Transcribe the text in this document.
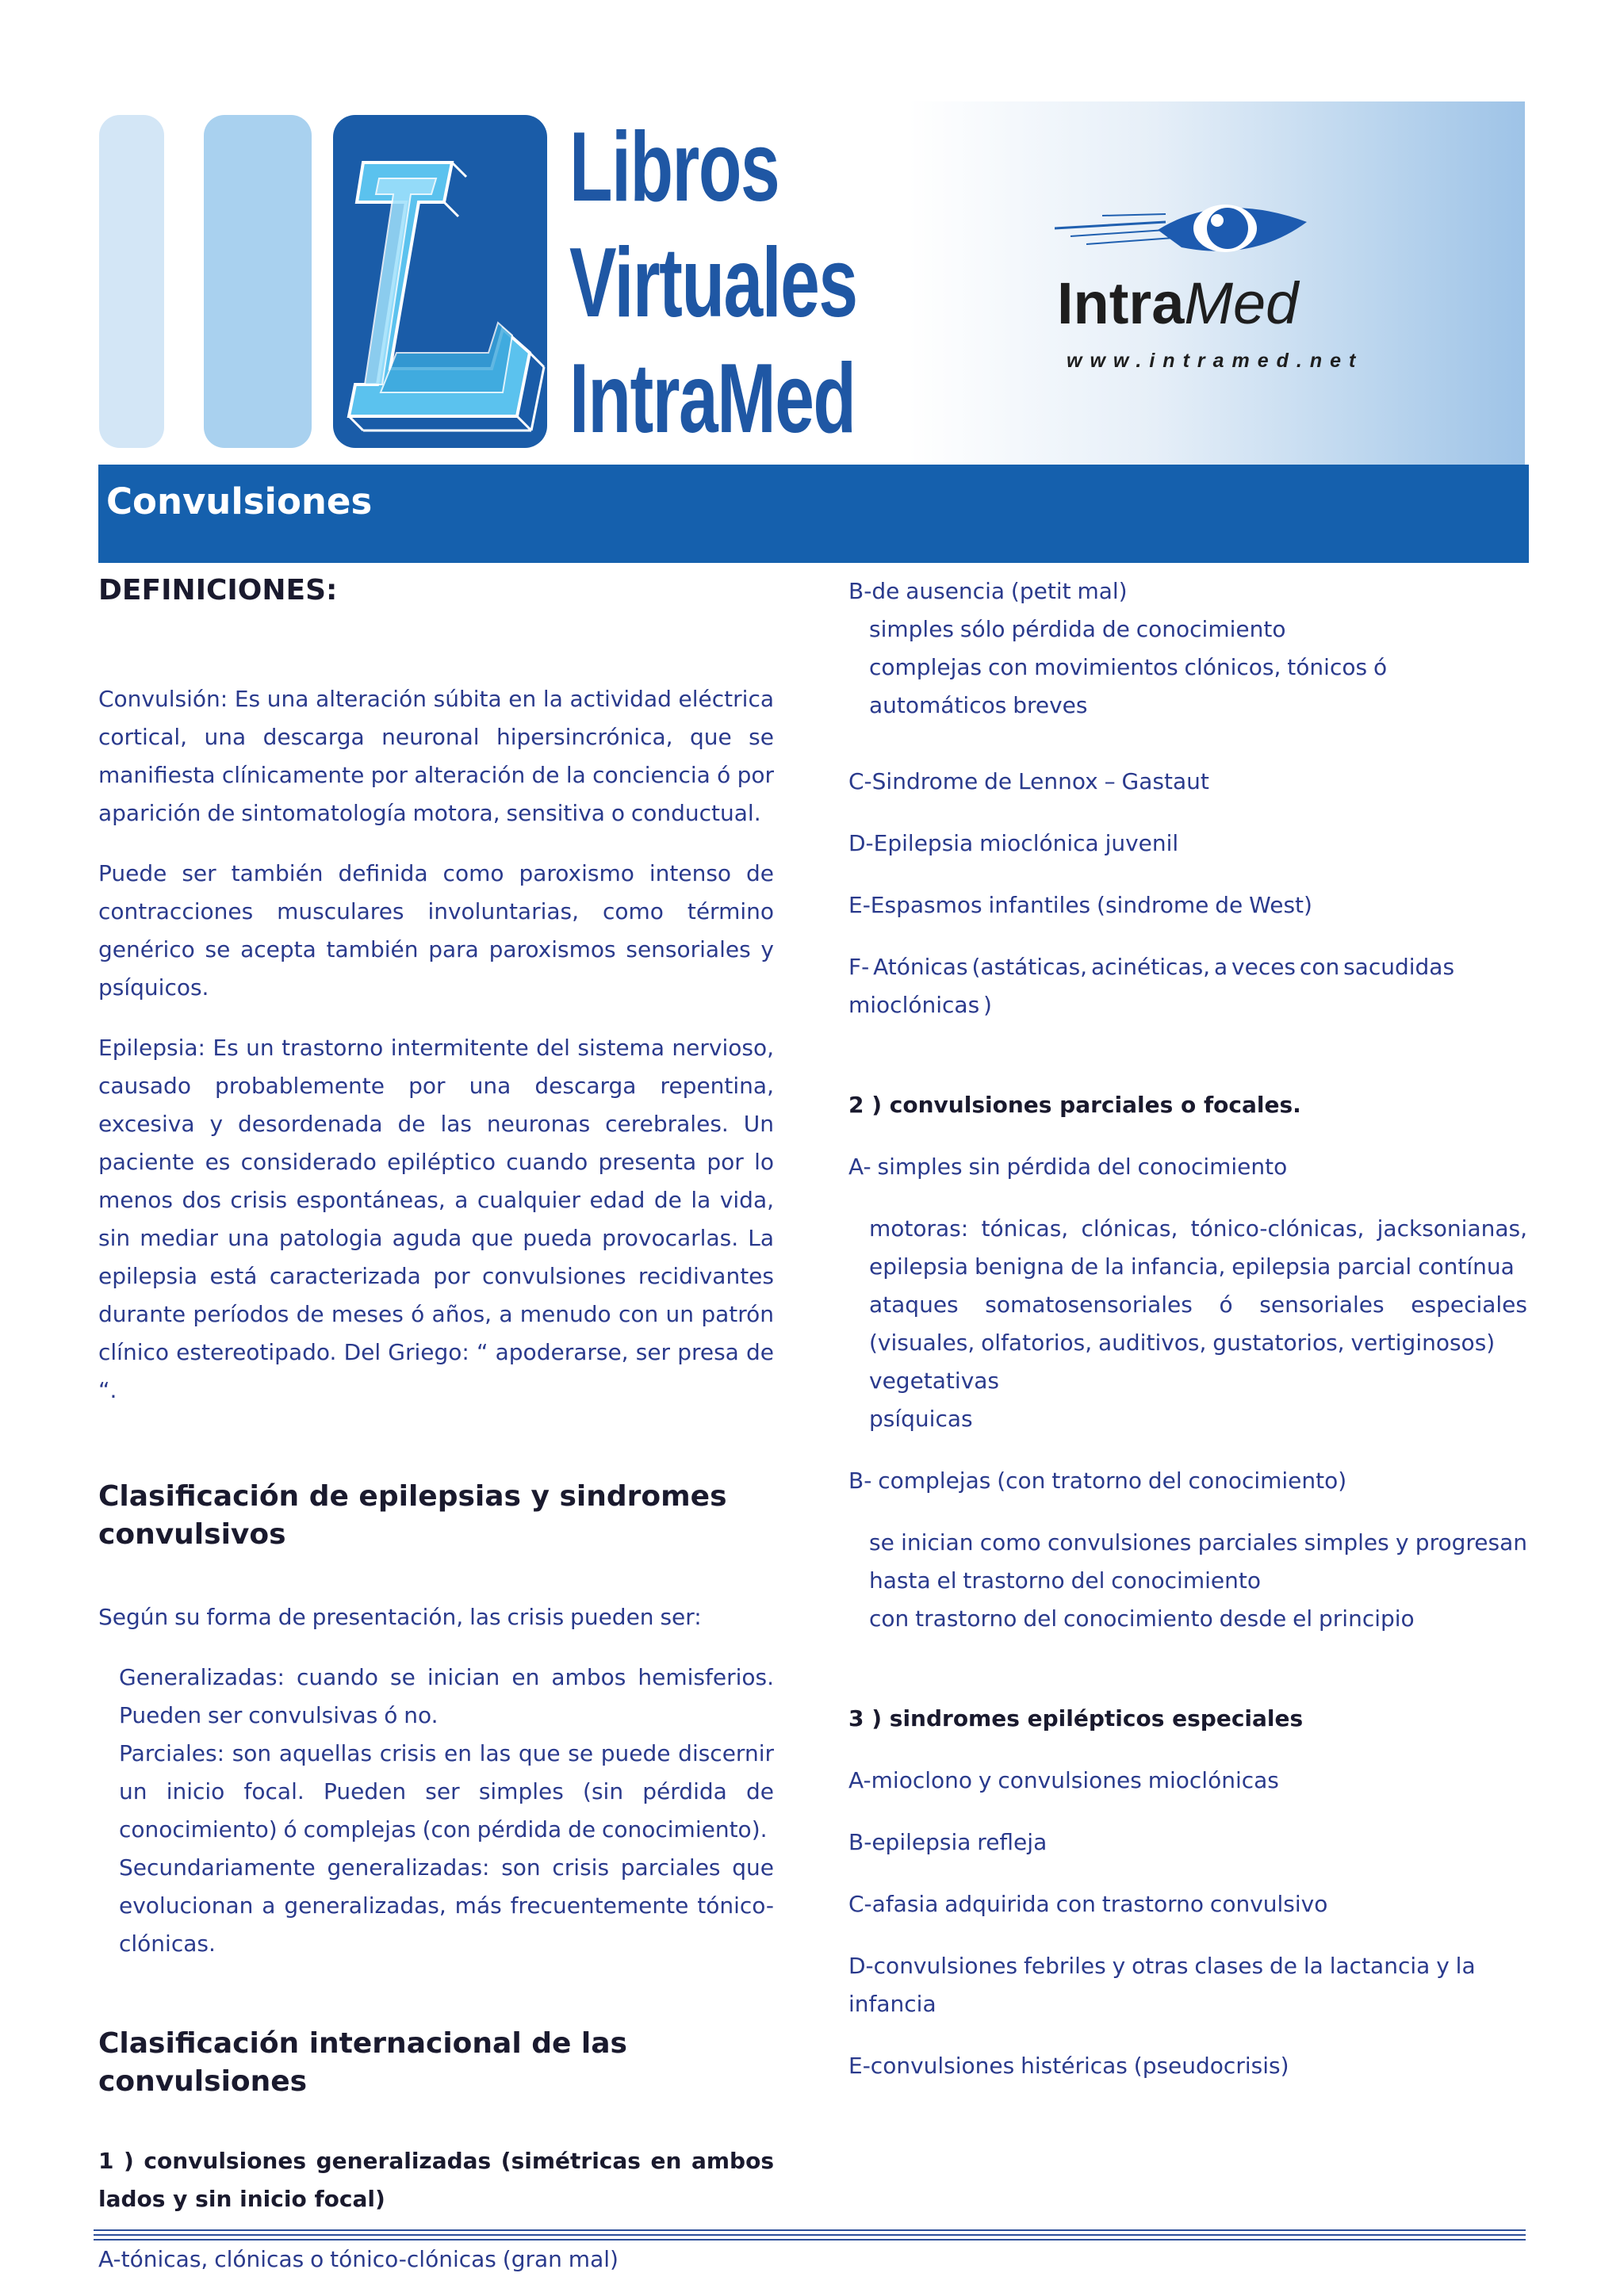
Libros
Virtuales
IntraMed
IntraMed
www.intramed.net
Convulsiones
DEFINICIONES:

Convulsión: Es una alteración súbita en la actividad eléctrica cortical, una descarga neuronal hipersincrónica, que se manifiesta clínicamente por alteración de la conciencia ó por aparición de sintomatología motora, sensitiva o conductual.

Puede ser también definida como paroxismo intenso de contracciones musculares involuntarias, como término genérico se acepta también para paroxismos sensoriales y psíquicos.

Epilepsia: Es un trastorno intermitente del sistema nervioso, causado probablemente por una descarga repentina, excesiva y desordenada de las neuronas cerebrales. Un paciente es considerado epiléptico cuando presenta por lo menos dos crisis espontáneas, a cualquier edad de la vida, sin mediar una patologia aguda que pueda provocarlas. La epilepsia está caracterizada por convulsiones recidivantes durante períodos de meses ó años, a menudo con un patrón clínico estereotipado. Del Griego: “ apoderarse, ser presa de “.

Clasificación de epilepsias y sindromes convulsivos

Según su forma de presentación, las crisis pueden ser:

Generalizadas: cuando se inician en ambos hemisferios. Pueden ser convulsivas ó no.

Parciales: son aquellas crisis en las que se puede discernir un inicio focal. Pueden ser simples (sin pérdida de conocimiento) ó complejas (con pérdida de conocimiento).

Secundariamente generalizadas: son crisis parciales que evolucionan a generalizadas, más frecuentemente tónico-clónicas.

Clasificación internacional de las convulsiones

1 ) convulsiones generalizadas (simétricas en ambos lados y sin inicio focal)

A-tónicas, clónicas o tónico-clónicas (gran mal)

B-de ausencia (petit mal)

simples sólo pérdida de conocimiento

complejas con movimientos clónicos, tónicos ó automáticos breves

C-Sindrome de Lennox – Gastaut

D-Epilepsia mioclónica juvenil

E-Espasmos infantiles (sindrome de West)

F- Atónicas (astáticas, acinéticas, a veces con sacudidas mioclónicas )

2 ) convulsiones parciales o focales.

A- simples sin pérdida del conocimiento

motoras: tónicas, clónicas, tónico-clónicas, jacksonianas, epilepsia benigna de la infancia, epilepsia parcial contínua

ataques somatosensoriales ó sensoriales especiales (visuales, olfatorios, auditivos, gustatorios, vertiginosos)

vegetativas

psíquicas

B- complejas (con tratorno del conocimiento)

se inician como convulsiones parciales simples y progresan hasta el trastorno del conocimiento

con trastorno del conocimiento desde el principio

3 ) sindromes epilépticos especiales

A-mioclono y convulsiones mioclónicas

B-epilepsia refleja

C-afasia adquirida con trastorno convulsivo

D-convulsiones febriles y otras clases de la lactancia y la infancia

E-convulsiones histéricas (pseudocrisis)
